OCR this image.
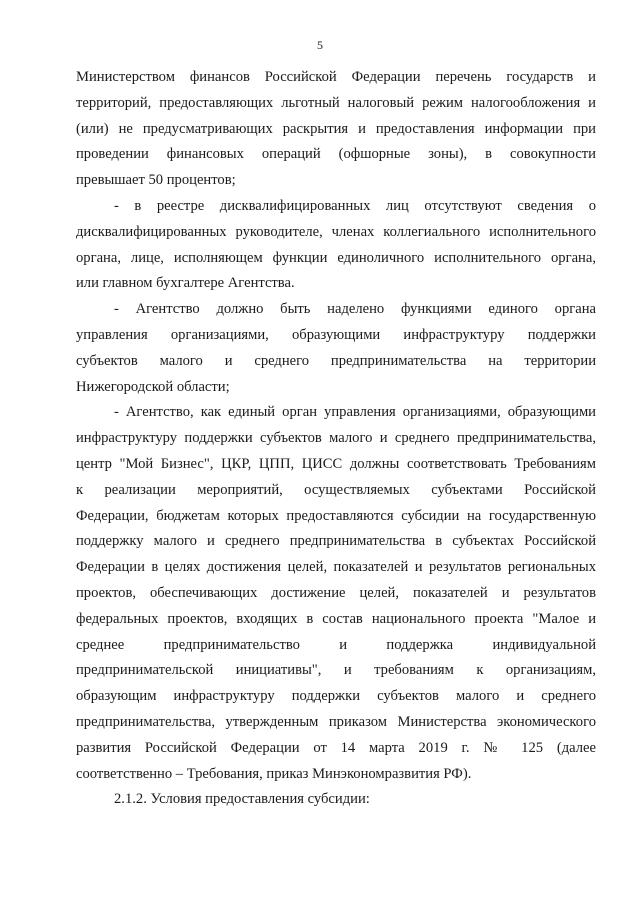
5
Министерством финансов Российской Федерации перечень государств и
территорий, предоставляющих льготный налоговый режим налогообложения и
(или) не предусматривающих раскрытия и предоставления информации при
проведении финансовых операций (офшорные зоны), в совокупности
превышает 50 процентов;
- в реестре дисквалифицированных лиц отсутствуют сведения о
дисквалифицированных руководителе, членах коллегиального исполнительного
органа, лице, исполняющем функции единоличного исполнительного органа,
или главном бухгалтере Агентства.
- Агентство должно быть наделено функциями единого органа
управления организациями, образующими инфраструктуру поддержки
субъектов малого и среднего предпринимательства на территории
Нижегородской области;
- Агентство, как единый орган управления организациями, образующими
инфраструктуру поддержки субъектов малого и среднего предпринимательства,
центр "Мой Бизнес", ЦКР, ЦПП, ЦИСС должны соответствовать Требованиям
к реализации мероприятий, осуществляемых субъектами Российской
Федерации, бюджетам которых предоставляются субсидии на государственную
поддержку малого и среднего предпринимательства в субъектах Российской
Федерации в целях достижения целей, показателей и результатов региональных
проектов, обеспечивающих достижение целей, показателей и результатов
федеральных проектов, входящих в состав национального проекта "Малое и
среднее предпринимательство и поддержка индивидуальной
предпринимательской инициативы", и требованиям к организациям,
образующим инфраструктуру поддержки субъектов малого и среднего
предпринимательства, утвержденным приказом Министерства экономического
развития Российской Федерации от 14 марта 2019 г. № 125 (далее
соответственно – Требования, приказ Минэкономразвития РФ).
2.1.2. Условия предоставления субсидии:
